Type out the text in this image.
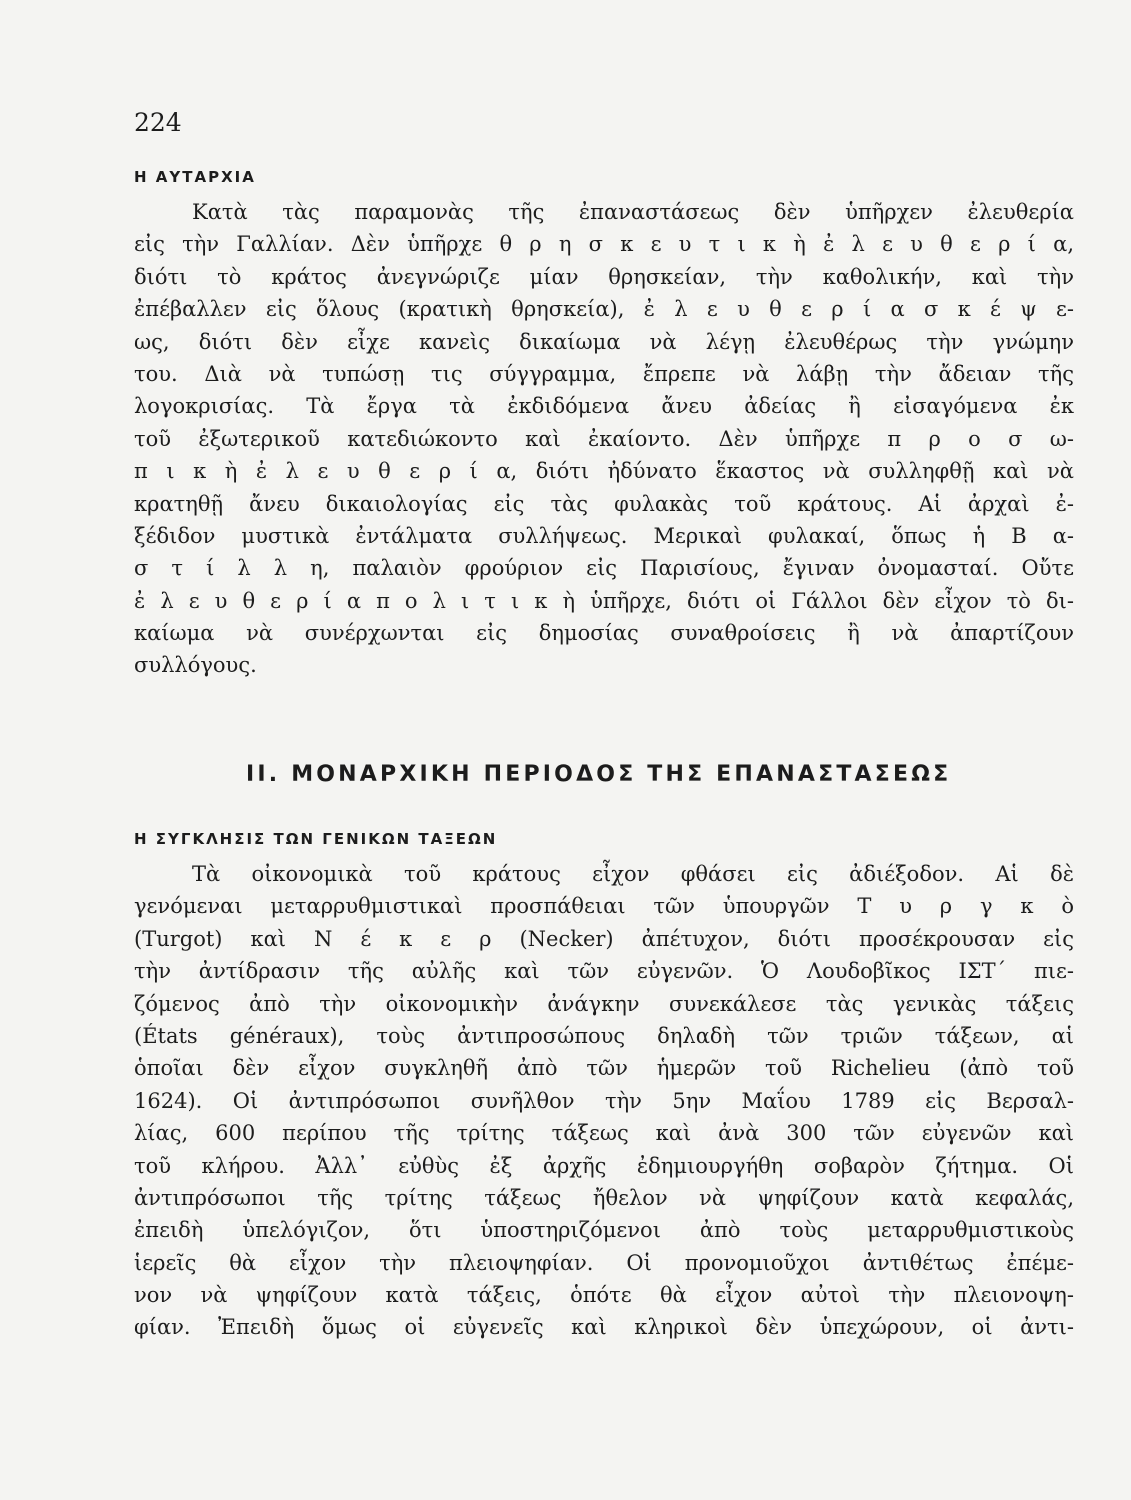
224
Η ΑΥΤΑΡΧΙΑ
Κατὰ τὰς παραμονὰς τῆς ἐπαναστάσεως δὲν ὑπῆρχεν ἐλευθερία
εἰς τὴν Γαλλίαν. Δὲν ὑπῆρχε θ ρ η σ κ ε υ τ ι κ ὴ ἐ λ ε υ θ ε ρ ί α,
διότι τὸ κράτος ἀνεγνώριζε μίαν θρησκείαν, τὴν καθολικήν, καὶ τὴν
ἐπέβαλλεν εἰς ὅλους (κρατικὴ θρησκεία), ἐ λ ε υ θ ε ρ ί α σ κ έ ψ ε-
ως, διότι δὲν εἶχε κανεὶς δικαίωμα νὰ λέγῃ ἐλευθέρως τὴν γνώμην
του. Διὰ νὰ τυπώσῃ τις σύγγραμμα, ἔπρεπε νὰ λάβῃ τὴν ἄδειαν τῆς
λογοκρισίας. Τὰ ἔργα τὰ ἐκδιδόμενα ἄνευ ἀδείας ἢ εἰσαγόμενα ἐκ
τοῦ ἐξωτερικοῦ κατεδιώκοντο καὶ ἐκαίοντο. Δὲν ὑπῆρχε π ρ ο σ ω-
π ι κ ὴ ἐ λ ε υ θ ε ρ ί α, διότι ἠδύνατο ἕκαστος νὰ συλληφθῇ καὶ νὰ
κρατηθῇ ἄνευ δικαιολογίας εἰς τὰς φυλακὰς τοῦ κράτους. Αἱ ἀρχαὶ ἐ-
ξέδιδον μυστικὰ ἐντάλματα συλλήψεως. Μερικαὶ φυλακαί, ὅπως ἡ Β α-
σ τ ί λ λ η, παλαιὸν φρούριον εἰς Παρισίους, ἔγιναν ὀνομασταί. Οὔτε
ἐ λ ε υ θ ε ρ ί α π ο λ ι τ ι κ ὴ ὑπῆρχε, διότι οἱ Γάλλοι δὲν εἶχον τὸ δι-
καίωμα νὰ συνέρχωνται εἰς δημοσίας συναθροίσεις ἢ νὰ ἀπαρτίζουν
συλλόγους.
ΙΙ. ΜΟΝΑΡΧΙΚΗ ΠΕΡΙΟΔΟΣ ΤΗΣ ΕΠΑΝΑΣΤΑΣΕΩΣ
Η ΣΥΓΚΛΗΣΙΣ ΤΩΝ ΓΕΝΙΚΩΝ ΤΑΞΕΩΝ
Τὰ οἰκονομικὰ τοῦ κράτους εἶχον φθάσει εἰς ἀδιέξοδον. Αἱ δὲ
γενόμεναι μεταρρυθμιστικαὶ προσπάθειαι τῶν ὑπουργῶν Τ υ ρ γ κ ὸ
(Turgot) καὶ Ν έ κ ε ρ (Necker) ἀπέτυχον, διότι προσέκρουσαν εἰς
τὴν ἀντίδρασιν τῆς αὐλῆς καὶ τῶν εὐγενῶν. Ὁ Λουδοβῖκος ΙΣΤ΄ πιε-
ζόμενος ἀπὸ τὴν οἰκονομικὴν ἀνάγκην συνεκάλεσε τὰς γενικὰς τάξεις
(États généraux), τοὺς ἀντιπροσώπους δηλαδὴ τῶν τριῶν τάξεων, αἱ
ὁποῖαι δὲν εἶχον συγκληθῆ ἀπὸ τῶν ἡμερῶν τοῦ Richelieu (ἀπὸ τοῦ
1624). Οἱ ἀντιπρόσωποι συνῆλθον τὴν 5ην Μαΐου 1789 εἰς Βερσαλ-
λίας, 600 περίπου τῆς τρίτης τάξεως καὶ ἀνὰ 300 τῶν εὐγενῶν καὶ
τοῦ κλήρου. Ἀλλ᾽ εὐθὺς ἐξ ἀρχῆς ἐδημιουργήθη σοβαρὸν ζήτημα. Οἱ
ἀντιπρόσωποι τῆς τρίτης τάξεως ἤθελον νὰ ψηφίζουν κατὰ κεφαλάς,
ἐπειδὴ ὑπελόγιζον, ὅτι ὑποστηριζόμενοι ἀπὸ τοὺς μεταρρυθμιστικοὺς
ἱερεῖς θὰ εἶχον τὴν πλειοψηφίαν. Οἱ προνομιοῦχοι ἀντιθέτως ἐπέμε-
νον νὰ ψηφίζουν κατὰ τάξεις, ὁπότε θὰ εἶχον αὐτοὶ τὴν πλειονοψη-
φίαν. Ἐπειδὴ ὅμως οἱ εὐγενεῖς καὶ κληρικοὶ δὲν ὑπεχώρουν, οἱ ἀντι-
